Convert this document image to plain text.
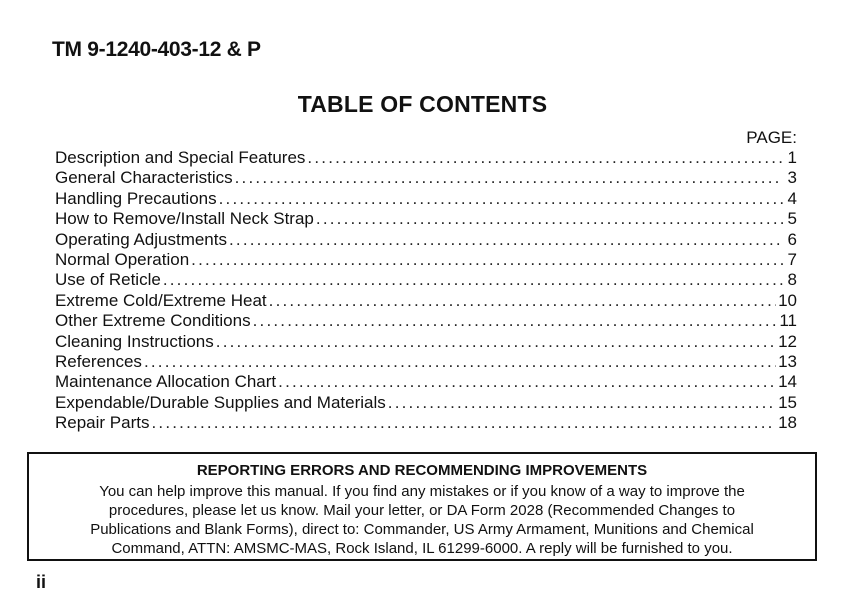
TM 9-1240-403-12 & P
TABLE OF CONTENTS
PAGE:
Description and Special Features .....	1
General Characteristics .....	3
Handling Precautions .....	4
How to Remove/Install Neck Strap .....	5
Operating Adjustments .....	6
Normal Operation .....	7
Use of Reticle .....	8
Extreme Cold/Extreme Heat .....	10
Other Extreme Conditions .....	11
Cleaning Instructions .....	12
References .....	13
Maintenance Allocation Chart .....	14
Expendable/Durable Supplies and Materials .....	15
Repair Parts .....	18
REPORTING ERRORS AND RECOMMENDING IMPROVEMENTS
You can help improve this manual. If you find any mistakes or if you know of a way to improve the
procedures, please let us know. Mail your letter, or DA Form 2028 (Recommended Changes to
Publications and Blank Forms), direct to: Commander, US Army Armament, Munitions and Chemical
Command, ATTN: AMSMC-MAS, Rock Island, IL 61299-6000. A reply will be furnished to you.
ii
